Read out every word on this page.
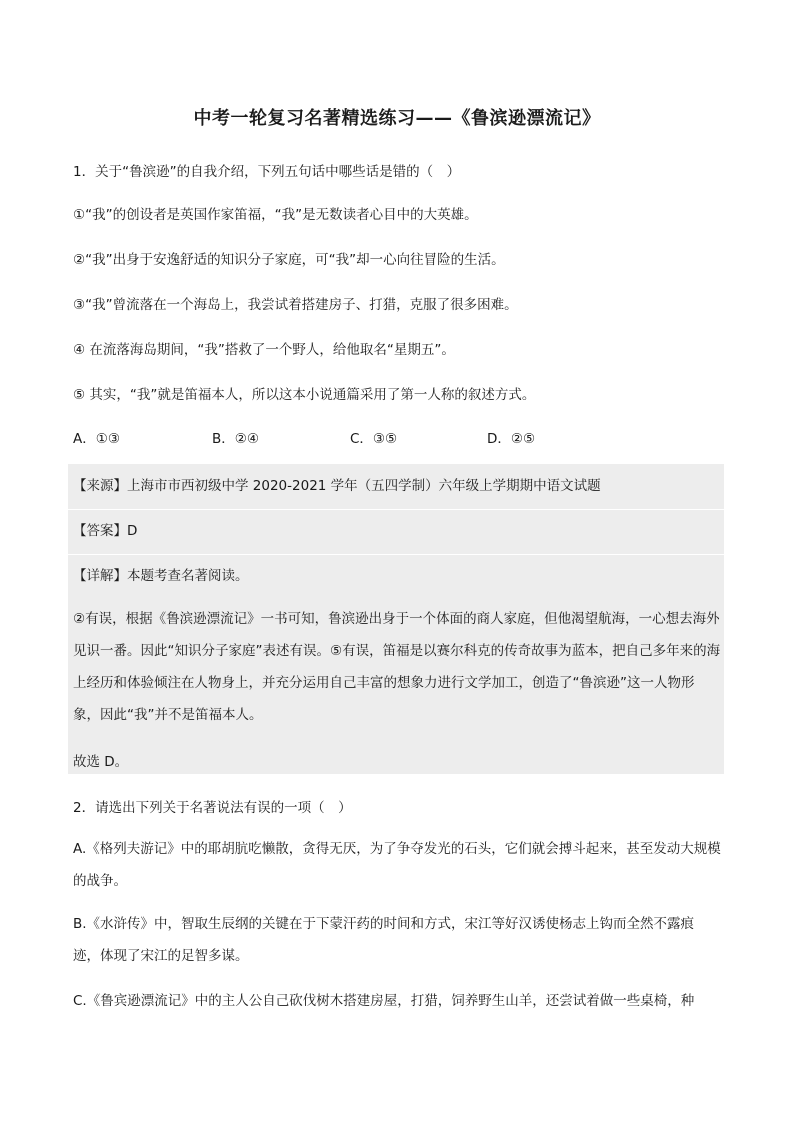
中考一轮复习名著精选练习——《鲁滨逊漂流记》
1．关于“鲁滨逊”的自我介绍，下列五句话中哪些话是错的（　）
①“我”的创设者是英国作家笛福，“我”是无数读者心目中的大英雄。
②“我”出身于安逸舒适的知识分子家庭，可“我”却一心向往冒险的生活。
③“我”曾流落在一个海岛上，我尝试着搭建房子、打猎，克服了很多困难。
④ 在流落海岛期间，“我”搭救了一个野人，给他取名“星期五”。
⑤ 其实，“我”就是笛福本人，所以这本小说通篇采用了第一人称的叙述方式。
A．①③	B．②④	C．③⑤	D．②⑤
【来源】上海市市西初级中学 2020-2021 学年（五四学制）六年级上学期期中语文试题
【答案】D
【详解】本题考查名著阅读。
②有误，根据《鲁滨逊漂流记》一书可知，鲁滨逊出身于一个体面的商人家庭，但他渴望航海，一心想去海外见识一番。因此“知识分子家庭”表述有误。⑤有误，笛福是以赛尔科克的传奇故事为蓝本，把自己多年来的海上经历和体验倾注在人物身上，并充分运用自己丰富的想象力进行文学加工，创造了“鲁滨逊”这一人物形象，因此“我”并不是笛福本人。
故选 D。
2．请选出下列关于名著说法有误的一项（　）
A.《格列夫游记》中的耶胡肮吃懒散，贪得无厌，为了争夺发光的石头，它们就会搏斗起来，甚至发动大规模的战争。
B.《水浒传》中，智取生辰纲的关键在于下蒙汗药的时间和方式，宋江等好汉诱使杨志上钩而全然不露痕迹，体现了宋江的足智多谋。
C.《鲁宾逊漂流记》中的主人公自己砍伐树木搭建房屋，打猎，饲养野生山羊，还尝试着做一些桌椅，种
